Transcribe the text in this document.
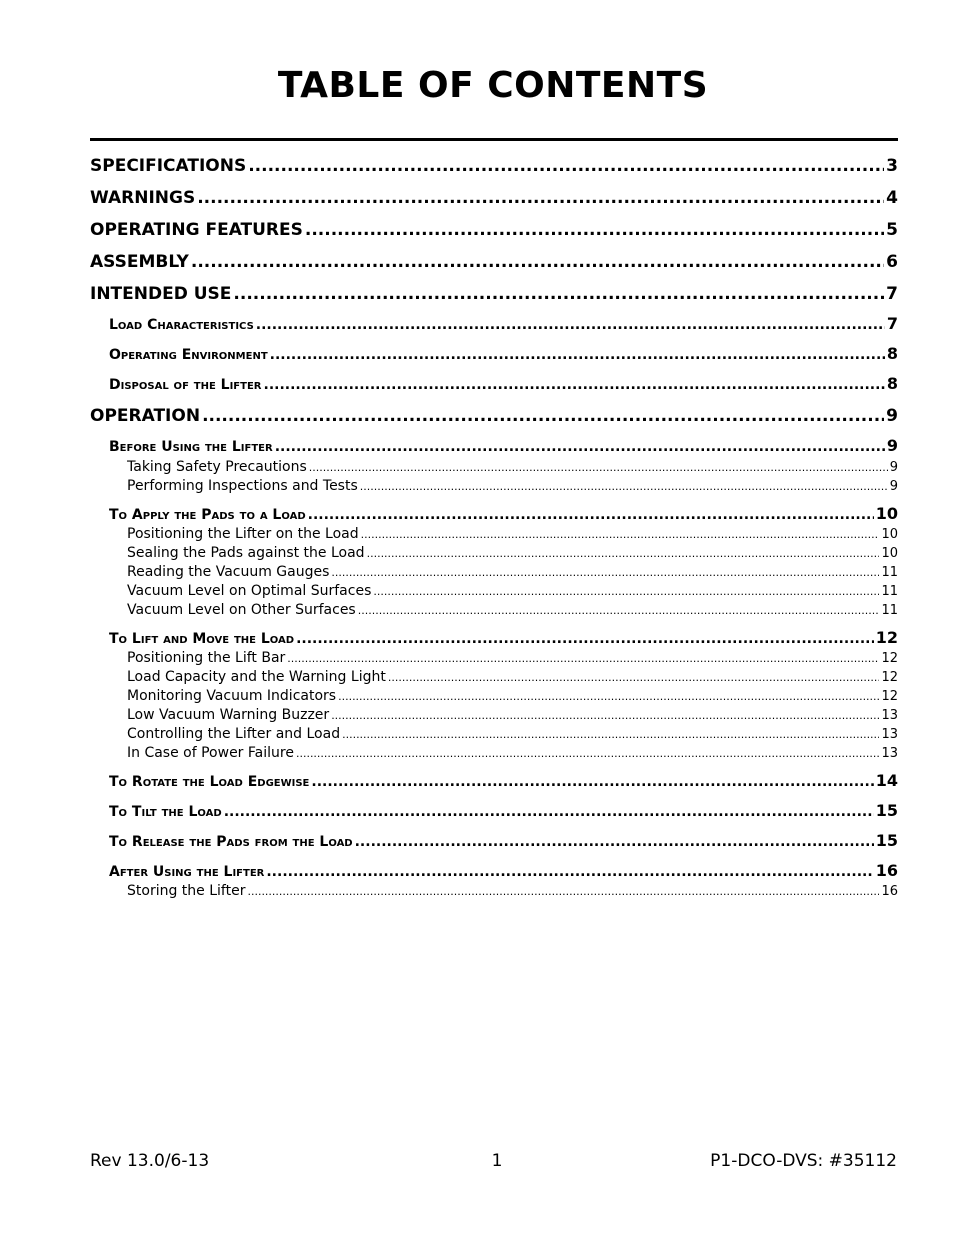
TABLE OF CONTENTS
SPECIFICATIONS .....	3
WARNINGS .....	4
OPERATING FEATURES .....	5
ASSEMBLY .....	6
INTENDED USE .....	7
Load Characteristics .....	7
Operating Environment .....	8
Disposal of the Lifter .....	8
OPERATION .....	9
Before Using the Lifter .....	9
Taking Safety Precautions .....	9
Performing Inspections and Tests .....	9
To Apply the Pads to a Load .....	10
Positioning the Lifter on the Load .....	10
Sealing the Pads against the Load .....	10
Reading the Vacuum Gauges .....	11
Vacuum Level on Optimal Surfaces .....	11
Vacuum Level on Other Surfaces .....	11
To Lift and Move the Load .....	12
Positioning the Lift Bar .....	12
Load Capacity and the Warning Light .....	12
Monitoring Vacuum Indicators .....	12
Low Vacuum Warning Buzzer .....	13
Controlling the Lifter and Load .....	13
In Case of Power Failure .....	13
To Rotate the Load Edgewise .....	14
To Tilt the Load .....	15
To Release the Pads from the Load .....	15
After Using the Lifter .....	16
Storing the Lifter .....	16
Rev 13.0/6-13	1	P1-DCO-DVS: #35112
